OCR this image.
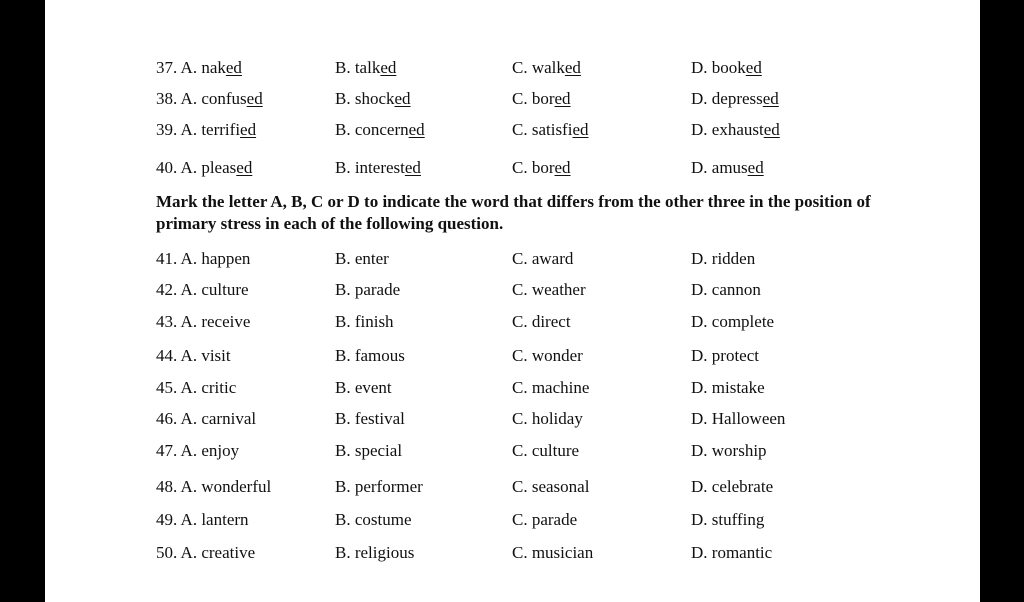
Mark the letter A, B, C or D to indicate the word that differs from the other three in the position of primary stress in each of the following question.
37. A. naked	B. talked	C. walked	D. booked
38. A. confused	B. shocked	C. bored	D. depressed
39. A. terrified	B. concerned	C. satisfied	D. exhausted
40. A. pleased	B. interested	C. bored	D. amused
41. A. happen	B. enter	C. award	D. ridden
42. A. culture	B. parade	C. weather	D. cannon
43. A. receive	B. finish	C. direct	D. complete
44. A. visit	B. famous	C. wonder	D. protect
45. A. critic	B. event	C. machine	D. mistake
46. A. carnival	B. festival	C. holiday	D. Halloween
47. A. enjoy	B. special	C. culture	D. worship
48. A. wonderful	B. performer	C. seasonal	D. celebrate
49. A. lantern	B. costume	C. parade	D. stuffing
50. A. creative	B. religious	C. musician	D. romantic
